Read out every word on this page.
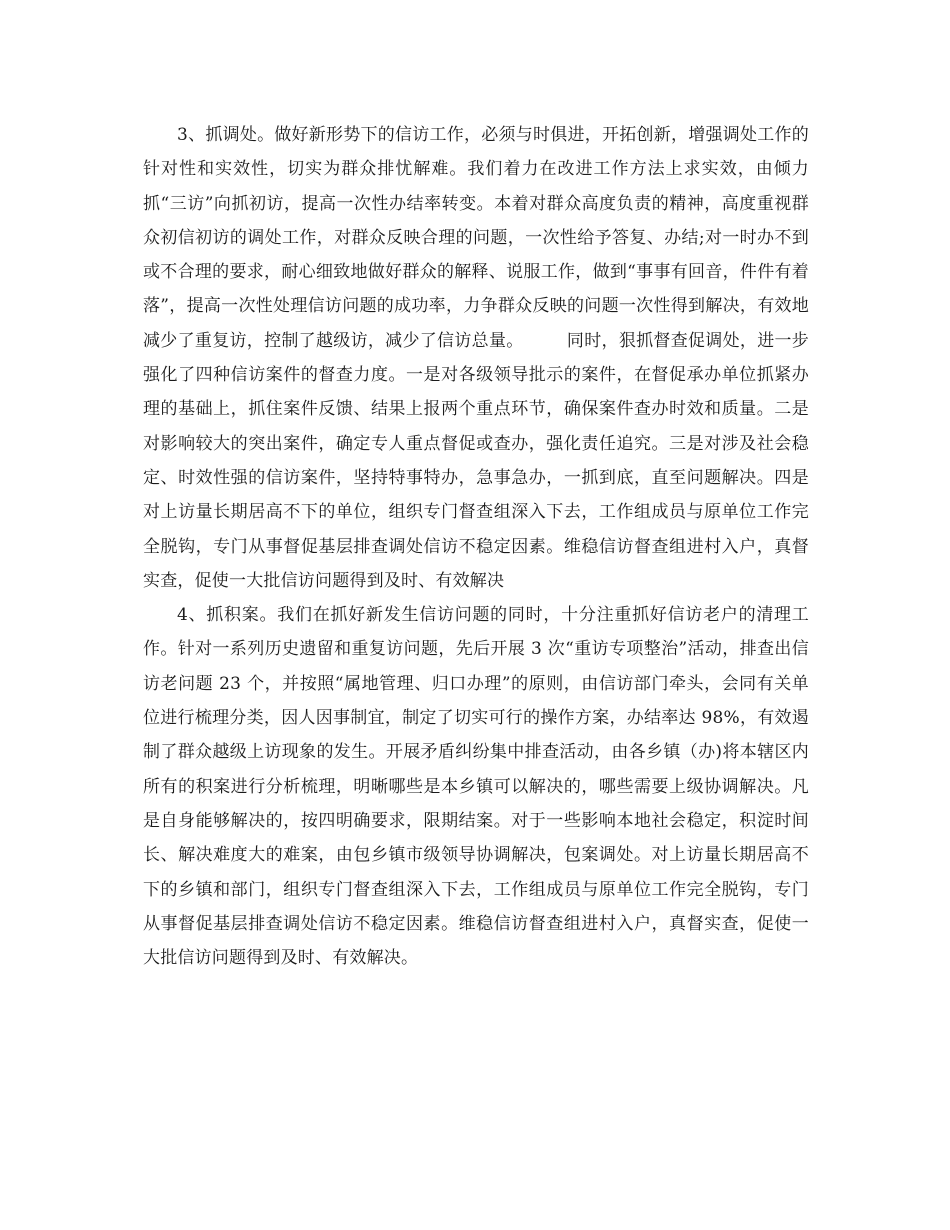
3、抓调处。做好新形势下的信访工作，必须与时俱进，开拓创新，增强调处工作的针对性和实效性，切实为群众排忧解难。我们着力在改进工作方法上求实效，由倾力抓“三访”向抓初访，提高一次性办结率转变。本着对群众高度负责的精神，高度重视群众初信初访的调处工作，对群众反映合理的问题，一次性给予答复、办结;对一时办不到或不合理的要求，耐心细致地做好群众的解释、说服工作，做到“事事有回音，件件有着落”，提高一次性处理信访问题的成功率，力争群众反映的问题一次性得到解决，有效地减少了重复访，控制了越级访，减少了信访总量。　　　同时，狠抓督查促调处，进一步强化了四种信访案件的督查力度。一是对各级领导批示的案件，在督促承办单位抓紧办理的基础上，抓住案件反馈、结果上报两个重点环节，确保案件查办时效和质量。二是对影响较大的突出案件，确定专人重点督促或查办，强化责任追究。三是对涉及社会稳定、时效性强的信访案件，坚持特事特办，急事急办，一抓到底，直至问题解决。四是对上访量长期居高不下的单位，组织专门督查组深入下去，工作组成员与原单位工作完全脱钩，专门从事督促基层排查调处信访不稳定因素。维稳信访督查组进村入户，真督实查，促使一大批信访问题得到及时、有效解决

4、抓积案。我们在抓好新发生信访问题的同时，十分注重抓好信访老户的清理工作。针对一系列历史遗留和重复访问题，先后开展 3 次“重访专项整治”活动，排查出信访老问题 23 个，并按照“属地管理、归口办理”的原则，由信访部门牵头，会同有关单位进行梳理分类，因人因事制宜，制定了切实可行的操作方案，办结率达 98%，有效遏制了群众越级上访现象的发生。开展矛盾纠纷集中排查活动，由各乡镇（办)将本辖区内所有的积案进行分析梳理，明晰哪些是本乡镇可以解决的，哪些需要上级协调解决。凡是自身能够解决的，按四明确要求，限期结案。对于一些影响本地社会稳定，积淀时间长、解决难度大的难案，由包乡镇市级领导协调解决，包案调处。对上访量长期居高不下的乡镇和部门，组织专门督查组深入下去，工作组成员与原单位工作完全脱钩，专门从事督促基层排查调处信访不稳定因素。维稳信访督查组进村入户，真督实查，促使一大批信访问题得到及时、有效解决。
